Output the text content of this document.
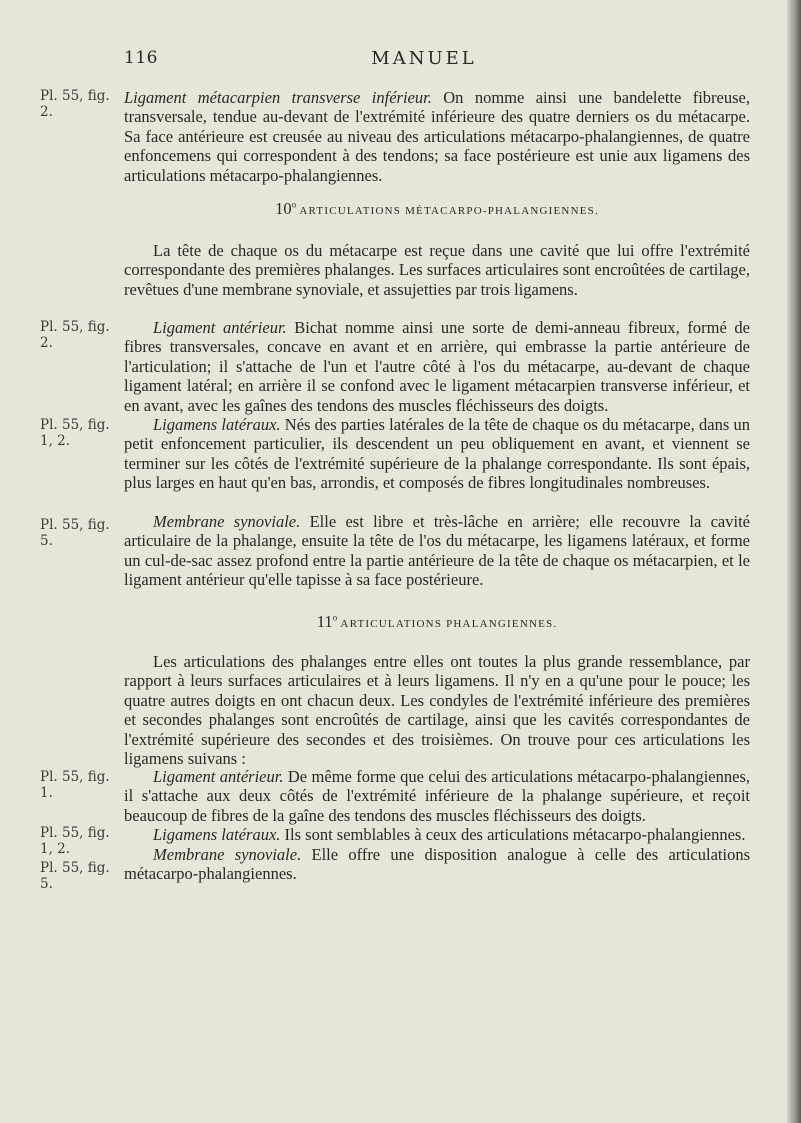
116	MANUEL
Pl. 55, fig. 2.
Pl. 55, fig. 2.
Pl. 55, fig. 1, 2.
Pl. 55, fig. 5.
Pl. 55, fig. 1.
Pl. 55, fig. 1, 2.
Pl. 55, fig. 5.

Ligament métacarpien transverse inférieur. On nomme ainsi une bandelette fibreuse, transversale, tendue au-devant de l'extrémité inférieure des quatre derniers os du métacarpe. Sa face antérieure est creusée au niveau des articulations métacarpo-phalangiennes, de quatre enfoncemens qui correspondent à des tendons; sa face postérieure est unie aux ligamens des articulations métacarpo-phalangiennes.

10$^o$ ARTICULATIONS MÉTACARPO-PHALANGIENNES.

La tête de chaque os du métacarpe est reçue dans une cavité que lui offre l'extrémité correspondante des premières phalanges. Les surfaces articulaires sont encroûtées de cartilage, revêtues d'une membrane synoviale, et assujetties par trois ligamens.

Ligament antérieur. Bichat nomme ainsi une sorte de demi-anneau fibreux, formé de fibres transversales, concave en avant et en arrière, qui embrasse la partie antérieure de l'articulation; il s'attache de l'un et l'autre côté à l'os du métacarpe, au-devant de chaque ligament latéral; en arrière il se confond avec le ligament métacarpien transverse inférieur, et en avant, avec les gaînes des tendons des muscles fléchisseurs des doigts.

Ligamens latéraux. Nés des parties latérales de la tête de chaque os du métacarpe, dans un petit enfoncement particulier, ils descendent un peu obliquement en avant, et viennent se terminer sur les côtés de l'extrémité supérieure de la phalange correspondante. Ils sont épais, plus larges en haut qu'en bas, arrondis, et composés de fibres longitudinales nombreuses.

Membrane synoviale. Elle est libre et très-lâche en arrière; elle recouvre la cavité articulaire de la phalange, ensuite la tête de l'os du métacarpe, les ligamens latéraux, et forme un cul-de-sac assez profond entre la partie antérieure de la tête de chaque os métacarpien, et le ligament antérieur qu'elle tapisse à sa face postérieure.

11$^o$ ARTICULATIONS PHALANGIENNES.

Les articulations des phalanges entre elles ont toutes la plus grande ressemblance, par rapport à leurs surfaces articulaires et à leurs ligamens. Il n'y en a qu'une pour le pouce; les quatre autres doigts en ont chacun deux. Les condyles de l'extrémité inférieure des premières et secondes phalanges sont encroûtés de cartilage, ainsi que les cavités correspondantes de l'extrémité supérieure des secondes et des troisièmes. On trouve pour ces articulations les ligamens suivans :

Ligament antérieur. De même forme que celui des articulations métacarpo-phalangiennes, il s'attache aux deux côtés de l'extrémité inférieure de la phalange supérieure, et reçoit beaucoup de fibres de la gaîne des tendons des muscles fléchisseurs des doigts.

Ligamens latéraux. Ils sont semblables à ceux des articulations métacarpo-phalangiennes.

Membrane synoviale. Elle offre une disposition analogue à celle des articulations métacarpo-phalangiennes.
